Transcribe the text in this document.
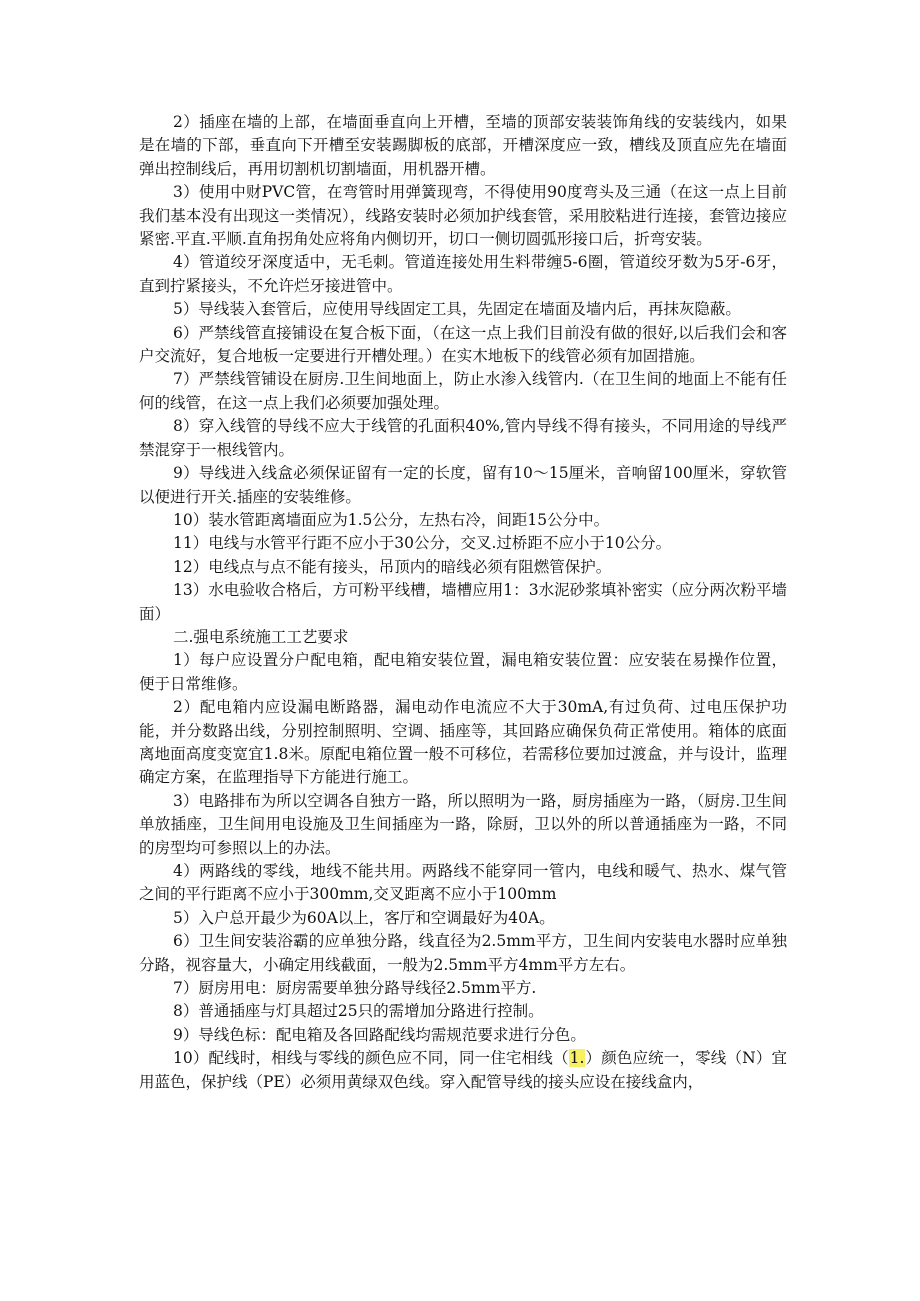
2）插座在墙的上部，在墙面垂直向上开槽，至墙的顶部安装装饰角线的安装线内，如果是在墙的下部，垂直向下开槽至安装踢脚板的底部，开槽深度应一致，槽线及顶直应先在墙面弹出控制线后，再用切割机切割墙面，用机器开槽。

3）使用中财PVC管，在弯管时用弹簧现弯，不得使用90度弯头及三通（在这一点上目前我们基本没有出现这一类情况），线路安装时必须加护线套管，采用胶粘进行连接，套管边接应紧密.平直.平顺.直角拐角处应将角内侧切开，切口一侧切圆弧形接口后，折弯安装。

4）管道绞牙深度适中，无毛刺。管道连接处用生料带缠5-6圈，管道绞牙数为5牙-6牙，直到拧紧接头，不允许烂牙接进管中。

5）导线装入套管后，应使用导线固定工具，先固定在墙面及墙内后，再抹灰隐蔽。

6）严禁线管直接铺设在复合板下面，（在这一点上我们目前没有做的很好,以后我们会和客户交流好，复合地板一定要进行开槽处理。）在实木地板下的线管必须有加固措施。

7）严禁线管铺设在厨房.卫生间地面上，防止水渗入线管内.（在卫生间的地面上不能有任何的线管，在这一点上我们必须要加强处理。

8）穿入线管的导线不应大于线管的孔面积40%,管内导线不得有接头，不同用途的导线严禁混穿于一根线管内。

9）导线进入线盒必须保证留有一定的长度，留有10～15厘米，音响留100厘米，穿软管以便进行开关.插座的安装维修。

10）装水管距离墙面应为1.5公分，左热右冷，间距15公分中。

11）电线与水管平行距不应小于30公分，交叉.过桥距不应小于10公分。

12）电线点与点不能有接头，吊顶内的暗线必须有阻燃管保护。

13）水电验收合格后，方可粉平线槽，墙槽应用1：3水泥砂浆填补密实（应分两次粉平墙面）

二.强电系统施工工艺要求

1）每户应设置分户配电箱，配电箱安装位置，漏电箱安装位置：应安装在易操作位置，便于日常维修。

2）配电箱内应设漏电断路器，漏电动作电流应不大于30mA,有过负荷、过电压保护功能，并分数路出线，分别控制照明、空调、插座等，其回路应确保负荷正常使用。箱体的底面离地面高度变宽宜1.8米。原配电箱位置一般不可移位，若需移位要加过渡盒，并与设计，监理确定方案，在监理指导下方能进行施工。

3）电路排布为所以空调各自独方一路，所以照明为一路，厨房插座为一路，（厨房.卫生间单放插座，卫生间用电设施及卫生间插座为一路，除厨，卫以外的所以普通插座为一路，不同的房型均可参照以上的办法。

4）两路线的零线，地线不能共用。两路线不能穿同一管内，电线和暖气、热水、煤气管之间的平行距离不应小于300mm,交叉距离不应小于100mm

5）入户总开最少为60A以上，客厅和空调最好为40A。

6）卫生间安装浴霸的应单独分路，线直径为2.5mm平方，卫生间内安装电水器时应单独分路，视容量大，小确定用线截面，一般为2.5mm平方4mm平方左右。

7）厨房用电：厨房需要单独分路导线径2.5mm平方.

8）普通插座与灯具超过25只的需增加分路进行控制。

9）导线色标：配电箱及各回路配线均需规范要求进行分色。

10）配线时，相线与零线的颜色应不同，同一住宅相线（1.）颜色应统一，零线（N）宜用蓝色，保护线（PE）必须用黄绿双色线。穿入配管导线的接头应设在接线盒内，
